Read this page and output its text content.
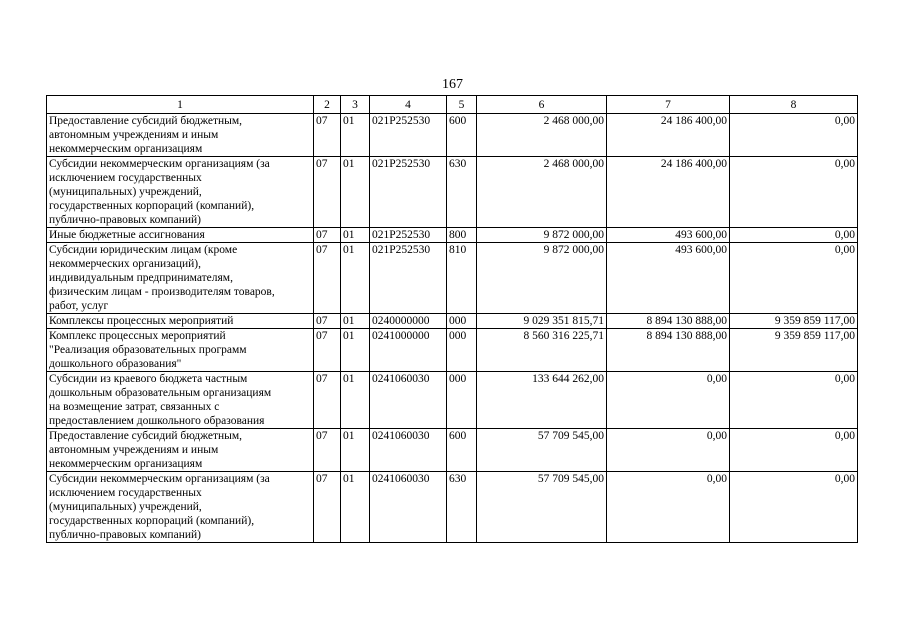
167
1	2	3	4	5	6	7	8

Предоставление субсидий бюджетным,
автономным учреждениям и иным
некоммерческим организациям	07	01	021Р252530	600	2 468 000,00	24 186 400,00	0,00

Субсидии некоммерческим организациям (за
исключением государственных
(муниципальных) учреждений,
государственных корпораций (компаний),
публично-правовых компаний)	07	01	021Р252530	630	2 468 000,00	24 186 400,00	0,00

Иные бюджетные ассигнования	07	01	021Р252530	800	9 872 000,00	493 600,00	0,00

Субсидии юридическим лицам (кроме
некоммерческих организаций),
индивидуальным предпринимателям,
физическим лицам - производителям товаров,
работ, услуг	07	01	021Р252530	810	9 872 000,00	493 600,00	0,00

Комплексы процессных мероприятий	07	01	0240000000	000	9 029 351 815,71	8 894 130 888,00	9 359 859 117,00

Комплекс процессных мероприятий
"Реализация образовательных программ
дошкольного образования"	07	01	0241000000	000	8 560 316 225,71	8 894 130 888,00	9 359 859 117,00

Субсидии из краевого бюджета частным
дошкольным образовательным организациям
на возмещение затрат, связанных с
предоставлением дошкольного образования	07	01	0241060030	000	133 644 262,00	0,00	0,00

Предоставление субсидий бюджетным,
автономным учреждениям и иным
некоммерческим организациям	07	01	0241060030	600	57 709 545,00	0,00	0,00

Субсидии некоммерческим организациям (за
исключением государственных
(муниципальных) учреждений,
государственных корпораций (компаний),
публично-правовых компаний)	07	01	0241060030	630	57 709 545,00	0,00	0,00
